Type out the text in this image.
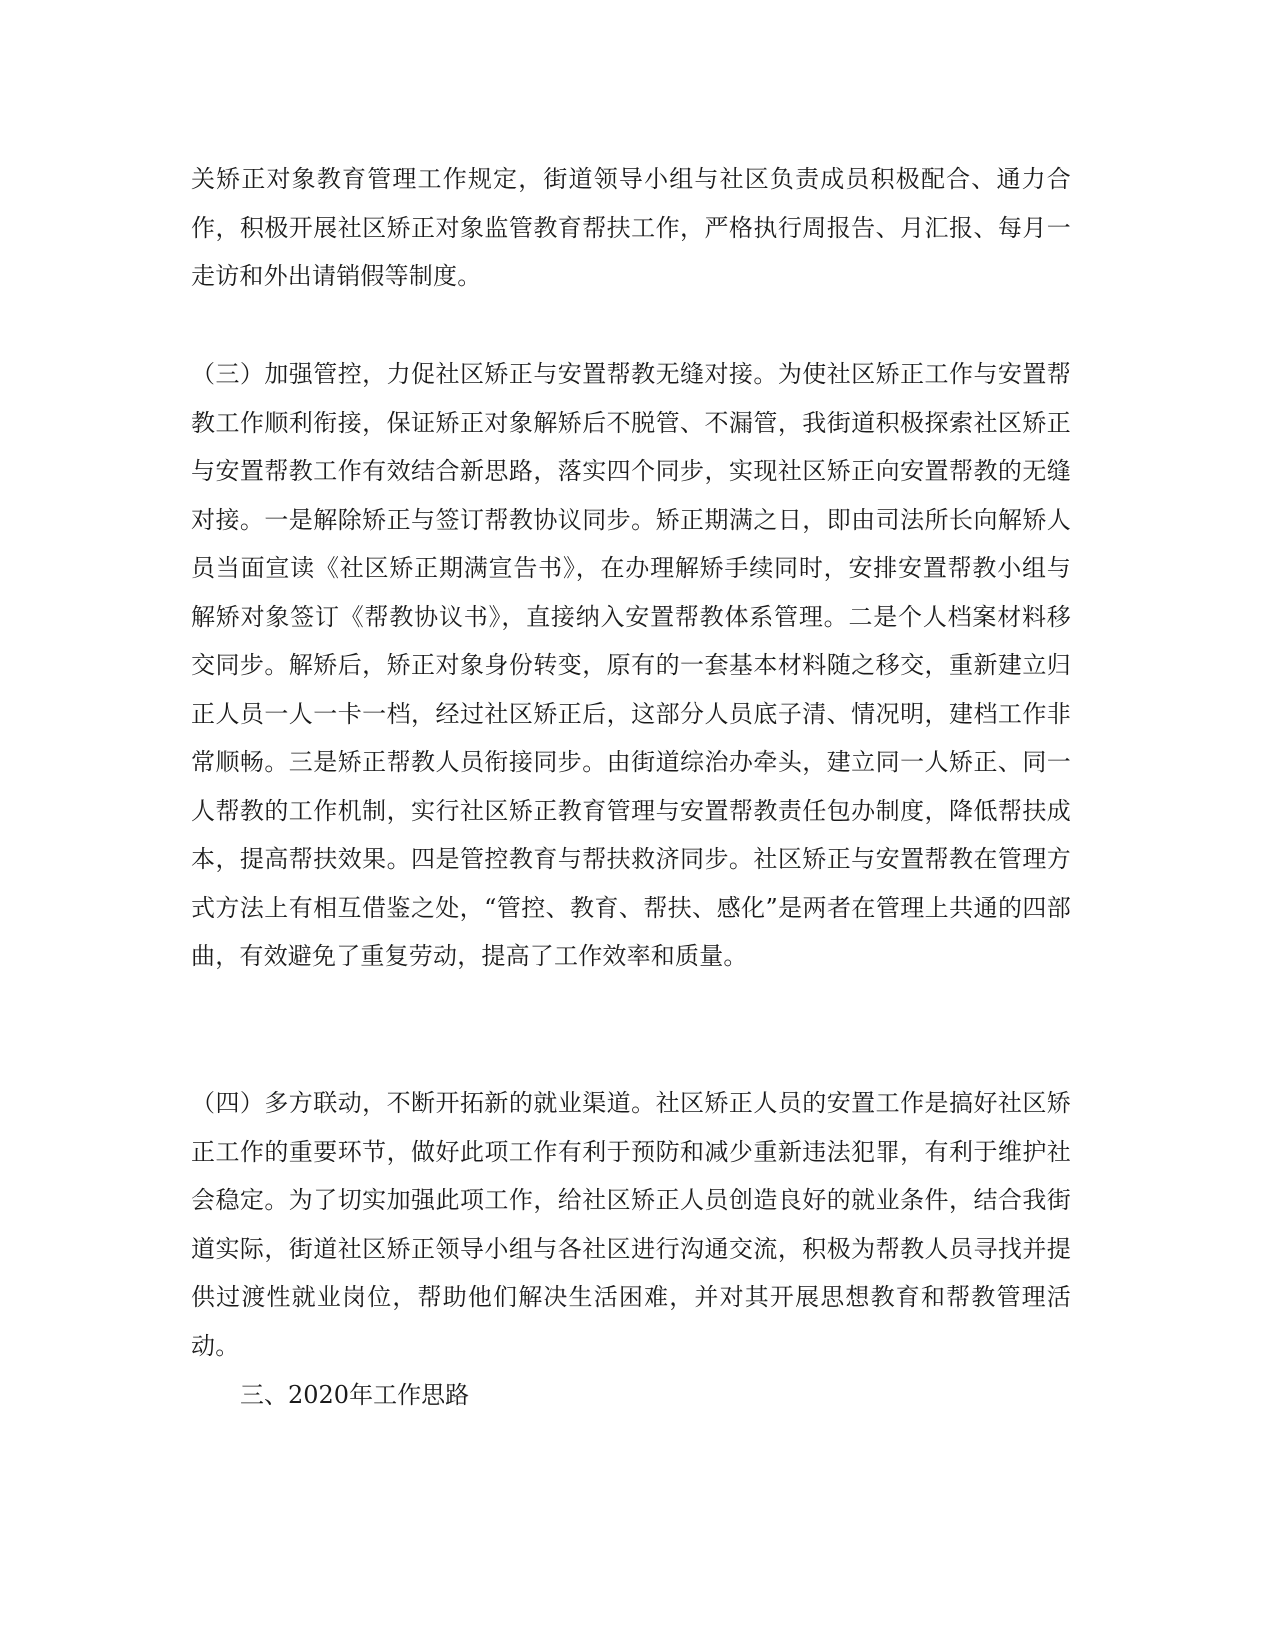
关矫正对象教育管理工作规定，街道领导小组与社区负责成员积极配合、通力合作，积极开展社区矫正对象监管教育帮扶工作，严格执行周报告、月汇报、每月一走访和外出请销假等制度。

（三）加强管控，力促社区矫正与安置帮教无缝对接。为使社区矫正工作与安置帮教工作顺利衔接，保证矫正对象解矫后不脱管、不漏管，我街道积极探索社区矫正与安置帮教工作有效结合新思路，落实四个同步，实现社区矫正向安置帮教的无缝对接。一是解除矫正与签订帮教协议同步。矫正期满之日，即由司法所长向解矫人员当面宣读《社区矫正期满宣告书》，在办理解矫手续同时，安排安置帮教小组与解矫对象签订《帮教协议书》，直接纳入安置帮教体系管理。二是个人档案材料移交同步。解矫后，矫正对象身份转变，原有的一套基本材料随之移交，重新建立归正人员一人一卡一档，经过社区矫正后，这部分人员底子清、情况明，建档工作非常顺畅。三是矫正帮教人员衔接同步。由街道综治办牵头，建立同一人矫正、同一人帮教的工作机制，实行社区矫正教育管理与安置帮教责任包办制度，降低帮扶成本，提高帮扶效果。四是管控教育与帮扶救济同步。社区矫正与安置帮教在管理方式方法上有相互借鉴之处，“管控、教育、帮扶、感化”是两者在管理上共通的四部曲，有效避免了重复劳动，提高了工作效率和质量。

（四）多方联动，不断开拓新的就业渠道。社区矫正人员的安置工作是搞好社区矫正工作的重要环节，做好此项工作有利于预防和减少重新违法犯罪，有利于维护社会稳定。为了切实加强此项工作，给社区矫正人员创造良好的就业条件，结合我街道实际，街道社区矫正领导小组与各社区进行沟通交流，积极为帮教人员寻找并提供过渡性就业岗位，帮助他们解决生活困难，并对其开展思想教育和帮教管理活动。

三、2020年工作思路
